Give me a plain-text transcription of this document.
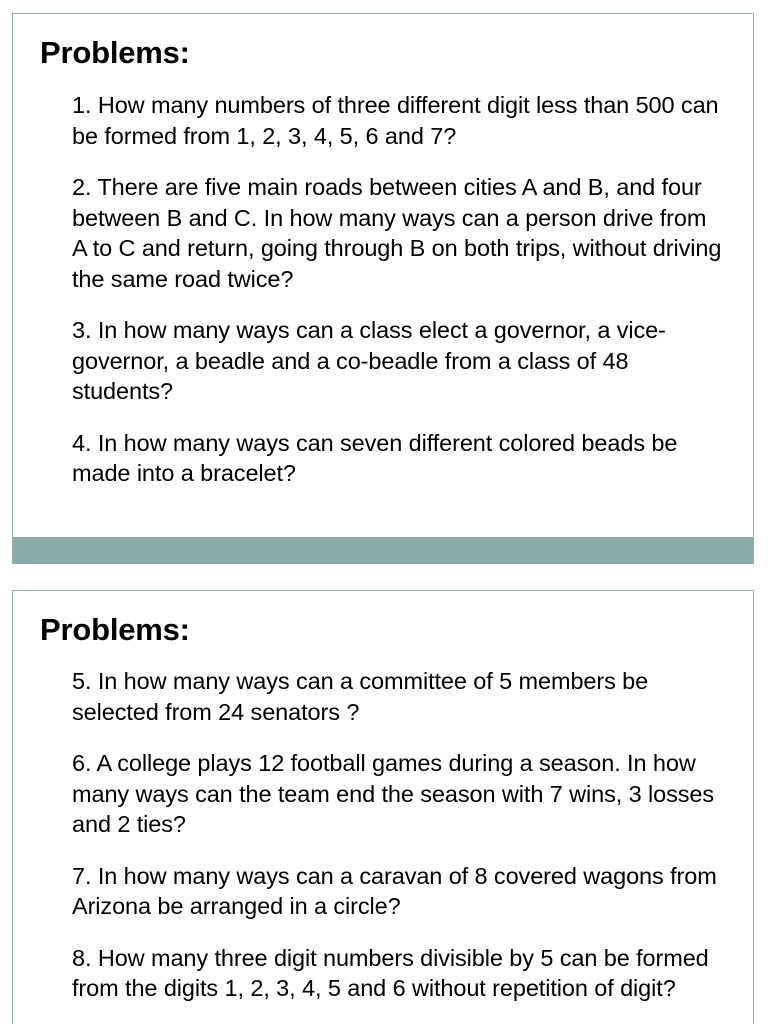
Problems:
1. How many numbers of three different digit less than 500 can be formed from 1, 2, 3, 4, 5, 6 and 7?
2. There are five main roads between cities A and B, and four between B and C. In how many ways can a person drive from A to C and return, going through B on both trips, without driving the same road twice?
3. In how many ways can a class elect a governor, a vice-governor, a beadle and a co-beadle from a class of 48 students?
4. In how many ways can seven different colored beads be made into a bracelet?
Problems:
5. In how many ways can a committee of 5 members be selected from 24 senators ?
6. A college plays 12 football games during a season. In how many ways can the team end the season with 7 wins, 3 losses and 2 ties?
7. In how many ways can a caravan of 8 covered wagons from Arizona be arranged in a circle?
8. How many three digit numbers divisible by 5 can be formed from the digits 1, 2, 3, 4, 5 and 6 without repetition of digit?
